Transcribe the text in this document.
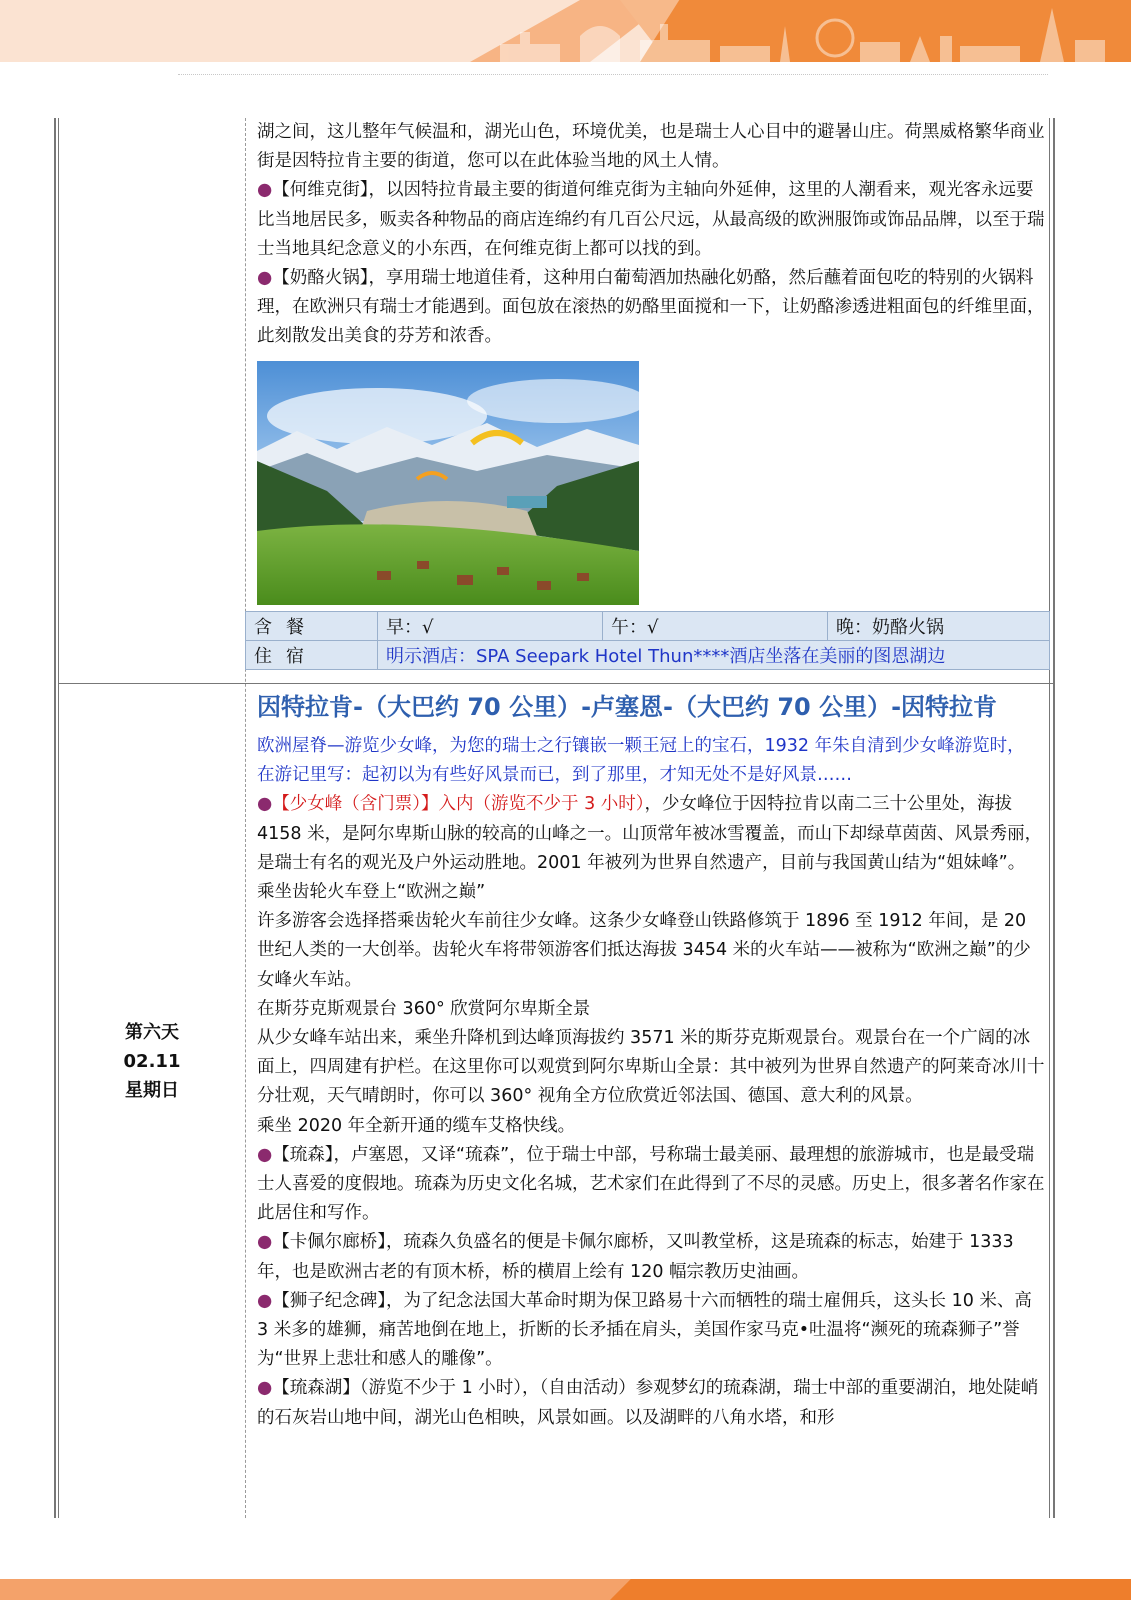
湖之间，这儿整年气候温和，湖光山色，环境优美，也是瑞士人心目中的避暑山庄。荷黑威格繁华商业街是因特拉肯主要的街道，您可以在此体验当地的风土人情。

●【何维克街】，以因特拉肯最主要的街道何维克街为主轴向外延伸，这里的人潮看来，观光客永远要比当地居民多，贩卖各种物品的商店连绵约有几百公尺远，从最高级的欧洲服饰或饰品品牌，以至于瑞士当地具纪念意义的小东西，在何维克街上都可以找的到。

●【奶酪火锅】，享用瑞士地道佳肴，这种用白葡萄酒加热融化奶酪，然后蘸着面包吃的特别的火锅料理，在欧洲只有瑞士才能遇到。面包放在滚热的奶酪里面搅和一下，让奶酪渗透进粗面包的纤维里面，此刻散发出美食的芬芳和浓香。

含餐	早：√	午：√	晚：奶酪火锅
住宿	明示酒店：SPA Seepark Hotel Thun****酒店坐落在美丽的图恩湖边		
第六天
02.11
星期日

因特拉肯-（大巴约 70 公里）-卢塞恩-（大巴约 70 公里）-因特拉肯

欧洲屋脊—游览少女峰，为您的瑞士之行镶嵌一颗王冠上的宝石，1932 年朱自清到少女峰游览时， 在游记里写：起初以为有些好风景而已，到了那里，才知无处不是好风景……

●【少女峰（含门票）】入内（游览不少于 3 小时），少女峰位于因特拉肯以南二三十公里处，海拔 4158 米，是阿尔卑斯山脉的较高的山峰之一。山顶常年被冰雪覆盖，而山下却绿草茵茵、风景秀丽，是瑞士有名的观光及户外运动胜地。2001 年被列为世界自然遗产，目前与我国黄山结为“姐妹峰”。

乘坐齿轮火车登上“欧洲之巅”

许多游客会选择搭乘齿轮火车前往少女峰。这条少女峰登山铁路修筑于 1896 至 1912 年间，是 20 世纪人类的一大创举。齿轮火车将带领游客们抵达海拔 3454 米的火车站——被称为“欧洲之巅”的少女峰火车站。

在斯芬克斯观景台 360° 欣赏阿尔卑斯全景

从少女峰车站出来，乘坐升降机到达峰顶海拔约 3571 米的斯芬克斯观景台。观景台在一个广阔的冰面上，四周建有护栏。在这里你可以观赏到阿尔卑斯山全景：其中被列为世界自然遗产的阿莱奇冰川十分壮观，天气晴朗时，你可以 360° 视角全方位欣赏近邻法国、德国、意大利的风景。

乘坐 2020 年全新开通的缆车艾格快线。

●【琉森】，卢塞恩，又译“琉森”，位于瑞士中部，号称瑞士最美丽、最理想的旅游城市，也是最受瑞士人喜爱的度假地。琉森为历史文化名城，艺术家们在此得到了不尽的灵感。历史上，很多著名作家在此居住和写作。

●【卡佩尔廊桥】，琉森久负盛名的便是卡佩尔廊桥，又叫教堂桥，这是琉森的标志，始建于 1333 年，也是欧洲古老的有顶木桥，桥的横眉上绘有 120 幅宗教历史油画。

●【狮子纪念碑】，为了纪念法国大革命时期为保卫路易十六而牺牲的瑞士雇佣兵，这头长 10 米、高 3 米多的雄狮，痛苦地倒在地上，折断的长矛插在肩头，美国作家马克•吐温将“濒死的琉森狮子”誉为“世界上悲壮和感人的雕像”。

●【琉森湖】（游览不少于 1 小时），（自由活动）参观梦幻的琉森湖，瑞士中部的重要湖泊，地处陡峭的石灰岩山地中间，湖光山色相映，风景如画。以及湖畔的八角水塔，和形
